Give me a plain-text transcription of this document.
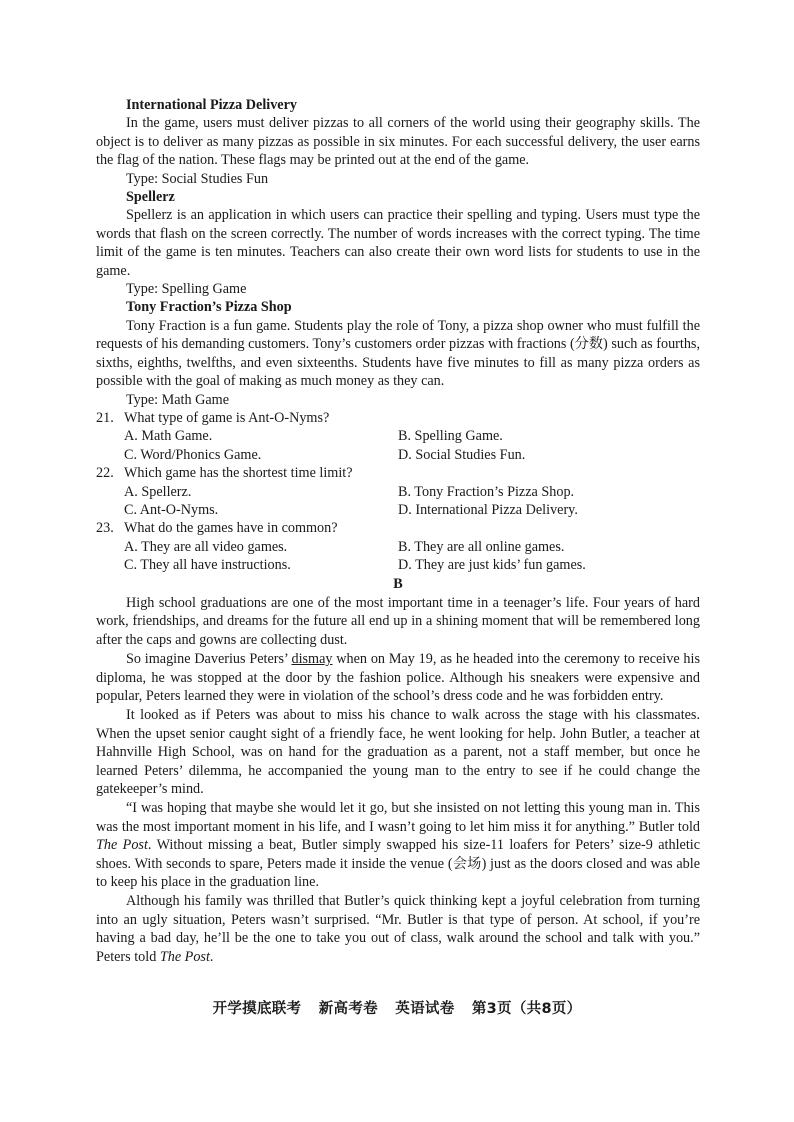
International Pizza Delivery

In the game, users must deliver pizzas to all corners of the world using their geography skills. The object is to deliver as many pizzas as possible in six minutes. For each successful delivery, the user earns the flag of the nation. These flags may be printed out at the end of the game.

Type: Social Studies Fun
Spellerz

Spellerz is an application in which users can practice their spelling and typing. Users must type the words that flash on the screen correctly. The number of words increases with the correct typing. The time limit of the game is ten minutes. Teachers can also create their own word lists for students to use in the game.

Type: Spelling Game
Tony Fraction’s Pizza Shop

Tony Fraction is a fun game. Students play the role of Tony, a pizza shop owner who must fulfill the requests of his demanding customers. Tony’s customers order pizzas with fractions (分数) such as fourths, sixths, eighths, twelfths, and even sixteenths. Students have five minutes to fill as many pizza orders as possible with the goal of making as much money as they can.

Type: Math Game
21. What type of game is Ant-O-Nyms?
A. Math Game.	B. Spelling Game.
C. Word/Phonics Game.	D. Social Studies Fun.
22. Which game has the shortest time limit?
A. Spellerz.	B. Tony Fraction’s Pizza Shop.
C. Ant-O-Nyms.	D. International Pizza Delivery.
23. What do the games have in common?
A. They are all video games.	B. They are all online games.
C. They all have instructions.	D. They are just kids’ fun games.

B

High school graduations are one of the most important time in a teenager’s life. Four years of hard work, friendships, and dreams for the future all end up in a shining moment that will be remembered long after the caps and gowns are collecting dust.

So imagine Daverius Peters’ dismay when on May 19, as he headed into the ceremony to receive his diploma, he was stopped at the door by the fashion police. Although his sneakers were expensive and popular, Peters learned they were in violation of the school’s dress code and he was forbidden entry.

It looked as if Peters was about to miss his chance to walk across the stage with his classmates. When the upset senior caught sight of a friendly face, he went looking for help. John Butler, a teacher at Hahnville High School, was on hand for the graduation as a parent, not a staff member, but once he learned Peters’ dilemma, he accompanied the young man to the entry to see if he could change the gatekeeper’s mind.

“I was hoping that maybe she would let it go, but she insisted on not letting this young man in. This was the most important moment in his life, and I wasn’t going to let him miss it for anything.” Butler told The Post. Without missing a beat, Butler simply swapped his size-11 loafers for Peters’ size-9 athletic shoes. With seconds to spare, Peters made it inside the venue (会场) just as the doors closed and was able to keep his place in the graduation line.

Although his family was thrilled that Butler’s quick thinking kept a joyful celebration from turning into an ugly situation, Peters wasn’t surprised. “Mr. Butler is that type of person. At school, if you’re having a bad day, he’ll be the one to take you out of class, walk around the school and talk with you.” Peters told The Post.

开学摸底联考 新高考卷 英语试卷 第3页（共8页）
